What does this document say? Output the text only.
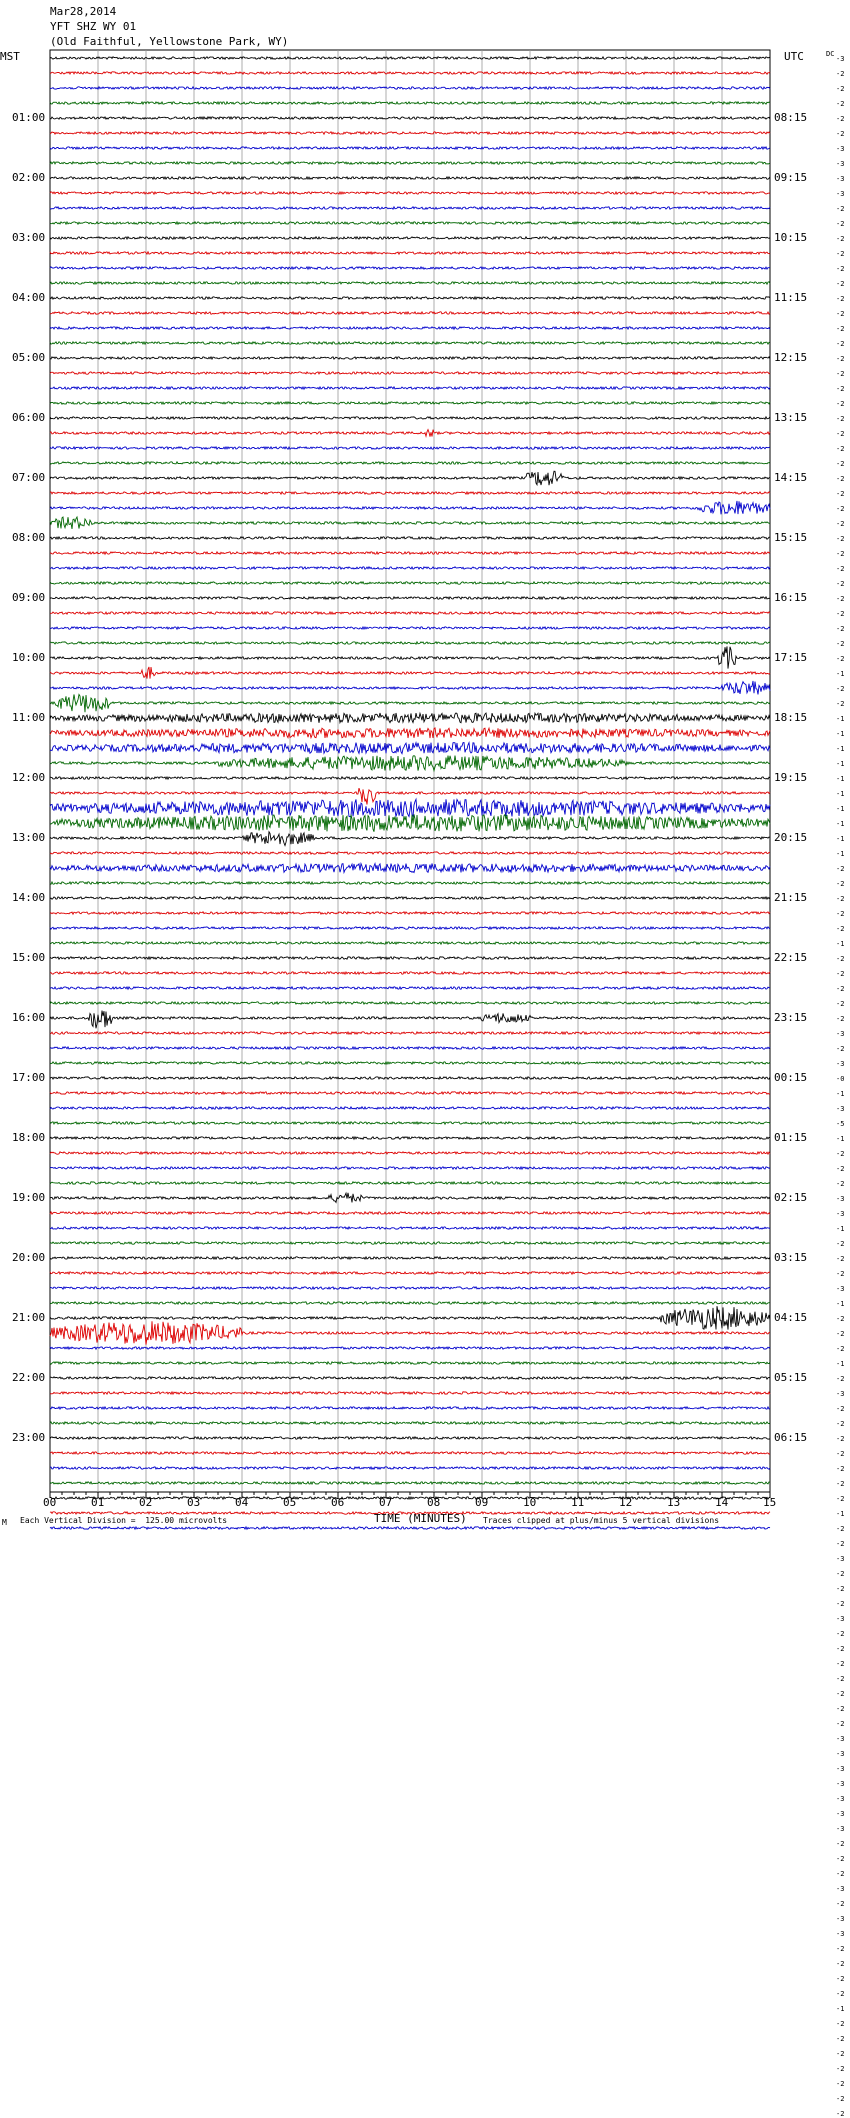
Mar28,2014
YFT SHZ WY 01
(Old Faithful, Yellowstone Park, WY)
MST	UTC	DC
01:00
02:00
03:00
04:00
05:00
06:00
07:00
08:00
09:00
10:00
11:00
12:00
13:00
14:00
15:00
16:00
17:00
18:00
19:00
20:00
21:00
22:00
23:00
08:15
09:15
10:15
11:15
12:15
13:15
14:15
15:15
16:15
17:15
18:15
19:15
20:15
21:15
22:15
23:15
00:15
01:15
02:15
03:15
04:15
05:15
06:15
-3
-2
-2
-2
-2
-2
-3
-3
-3
-3
-2
-2
-2
-2
-2
-2
-2
-2
-2
-2
-2
-2
-2
-2
-2
-2
-2
-2
-2
-2
-2
-2
-2
-2
-2
-2
-2
-2
-2
-2
-2
-1
-2
-2
-1
-1
-1
-1
-1
-1
-1
-1
-1
-1
-2
-2
-2
-2
-2
-1
-2
-2
-2
-2
-2
-3
-2
-3
-0
-1
-3
-5
-1
-2
-2
-2
-3
-3
-1
-2
-2
-2
-3
-1
-2
-2
-2
-1
-2
-3
-2
-2
-2
-2
-2
-2
-2
-1
-2
-2
-3
-2
-2
-2
-3
-2
-2
-2
-2
-2
-2
-2
-3
-3
-3
-3
-3
-3
-3
-2
-2
-2
-3
-2
-3
-3
-2
-2
-2
-2
-1
-2
-2
-2
-2
-2
-2
-2
00	01	02	03	04	05	06	07	08	09	10	11	12	13	14	15
M Each Vertical Division =  125.00 microvolts	TIME (MINUTES) Traces clipped at plus/minus 5 vertical divisions
